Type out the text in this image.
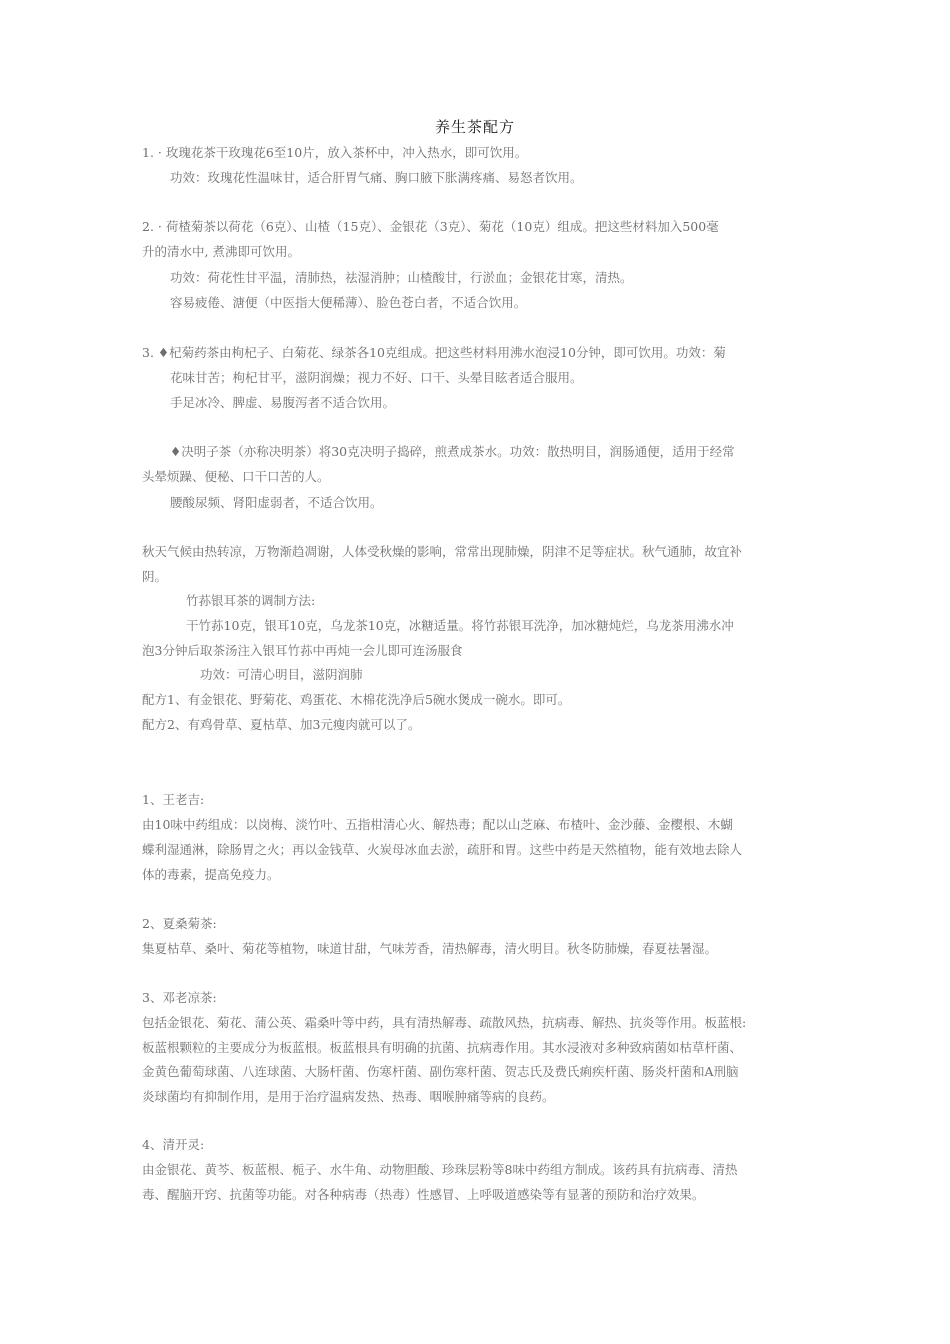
养生茶配方
1. · 玫瑰花茶干玫瑰花6至10片，放入茶杯中，冲入热水，即可饮用。
功效：玫瑰花性温味甘，适合肝胃气痛、胸口腋下胀满疼痛、易怒者饮用。
2. · 荷楂菊茶以荷花（6克）、山楂（15克）、金银花（3克）、菊花（10克）组成。把这些材料加入500毫
升的清水中, 煮沸即可饮用。
功效：荷花性甘平温，清肺热，祛湿消肿；山楂酸甘，行淤血；金银花甘寒，清热。
容易疲倦、溏便（中医指大便稀薄）、脸色苍白者，不适合饮用。
3. ♦杞菊药茶由枸杞子、白菊花、绿茶各10克组成。把这些材料用沸水泡浸10分钟，即可饮用。功效：菊
花味甘苦；枸杞甘平，滋阴润燥；视力不好、口干、头晕目眩者适合服用。
手足冰冷、脾虚、易腹泻者不适合饮用。
♦决明子茶（亦称决明茶）将30克决明子捣碎，煎煮成茶水。功效：散热明目，润肠通便，适用于经常
头晕烦躁、便秘、口干口苦的人。
腰酸尿频、肾阳虚弱者，不适合饮用。
秋天气候由热转凉，万物渐趋凋谢，人体受秋燥的影响，常常出现肺燥，阴津不足等症状。秋气通肺，故宜补
阴。
竹荪银耳茶的调制方法:
干竹荪10克，银耳10克，乌龙茶10克，冰糖适量。将竹荪银耳洗净，加冰糖炖烂，乌龙茶用沸水冲
泡3分钟后取茶汤注入银耳竹荪中再炖一会儿即可连汤服食
功效：可清心明目，滋阴润肺
配方1、有金银花、野菊花、鸡蛋花、木棉花洗净后5碗水煲成一碗水。即可。
配方2、有鸡骨草、夏枯草、加3元瘦肉就可以了。
1、王老吉:
由10味中药组成：以岗梅、淡竹叶、五指柑清心火、解热毒；配以山芝麻、布楂叶、金沙藤、金樱根、木蝴
蝶利湿通淋，除肠胃之火；再以金钱草、火炭母冰血去淤，疏肝和胃。这些中药是天然植物，能有效地去除人
体的毒素，提高免疫力。
2、夏桑菊茶:
集夏枯草、桑叶、菊花等植物，味道甘甜，气味芳香，清热解毒，清火明目。秋冬防肺燥，春夏祛暑湿。
3、邓老凉茶:
包括金银花、菊花、蒲公英、霜桑叶等中药，具有清热解毒、疏散风热，抗病毒、解热、抗炎等作用。板蓝根:
板蓝根颗粒的主要成分为板蓝根。板蓝根具有明确的抗菌、抗病毒作用。其水浸液对多种致病菌如枯草杆菌、
金黄色葡萄球菌、八连球菌、大肠杆菌、伤寒杆菌、副伤寒杆菌、贺志氏及费氏痢疾杆菌、肠炎杆菌和A刑脑
炎球菌均有抑制作用，是用于治疗温病发热、热毒、咽喉肿痛等病的良药。
4、清开灵:
由金银花、黄芩、板蓝根、栀子、水牛角、动物胆酸、珍珠层粉等8味中药组方制成。该药具有抗病毒、清热
毒、醒脑开窍、抗菌等功能。对各种病毒（热毒）性感冒、上呼吸道感染等有显著的预防和治疗效果。
